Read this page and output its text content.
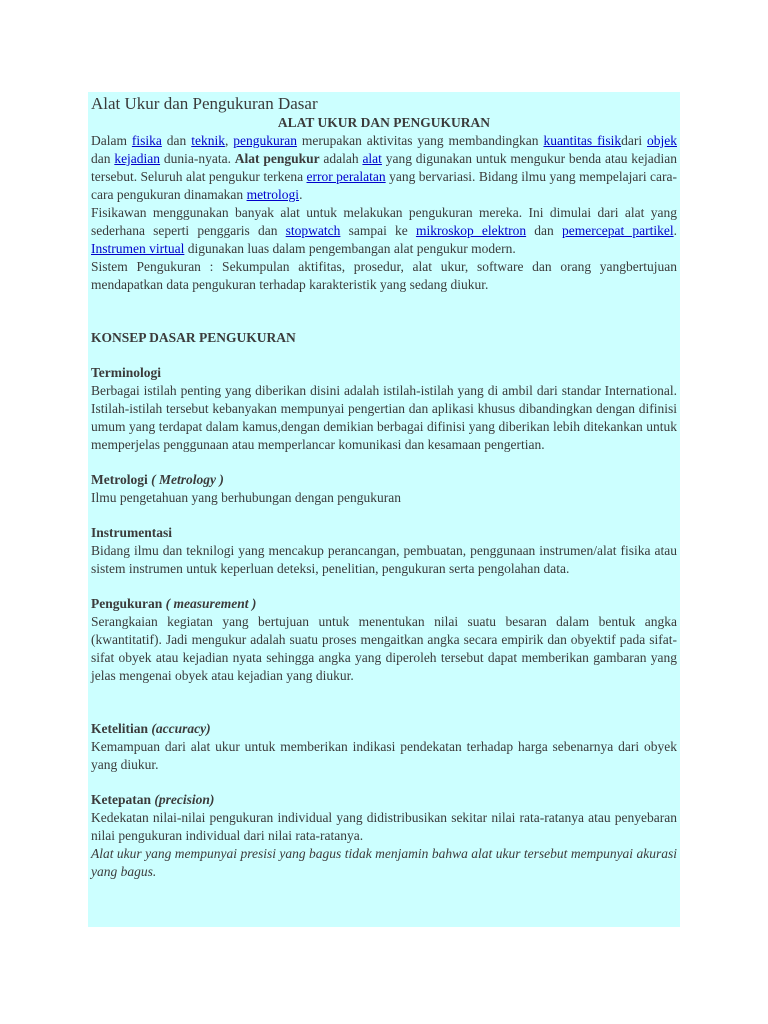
Alat Ukur dan Pengukuran Dasar
ALAT UKUR DAN PENGUKURAN

Dalam fisika dan teknik, pengukuran merupakan aktivitas yang membandingkan kuantitas fisikdari objek dan kejadian dunia-nyata. Alat pengukur adalah alat yang digunakan untuk mengukur benda atau kejadian tersebut. Seluruh alat pengukur terkena error peralatan yang bervariasi. Bidang ilmu yang mempelajari cara-cara pengukuran dinamakan metrologi.

Fisikawan menggunakan banyak alat untuk melakukan pengukuran mereka. Ini dimulai dari alat yang sederhana seperti penggaris dan stopwatch sampai ke mikroskop elektron dan pemercepat partikel. Instrumen virtual digunakan luas dalam pengembangan alat pengukur modern.

Sistem Pengukuran : Sekumpulan aktifitas, prosedur, alat ukur, software dan orang yangbertujuan mendapatkan data pengukuran terhadap karakteristik yang sedang diukur.

KONSEP DASAR PENGUKURAN

Terminologi

Berbagai istilah penting yang diberikan disini adalah istilah-istilah yang di ambil dari standar International. Istilah-istilah tersebut kebanyakan mempunyai pengertian dan aplikasi khusus dibandingkan dengan difinisi umum yang terdapat dalam kamus,dengan demikian berbagai difinisi yang diberikan lebih ditekankan untuk memperjelas penggunaan atau memperlancar komunikasi dan kesamaan pengertian.

Metrologi ( Metrology )

Ilmu pengetahuan yang berhubungan dengan pengukuran

Instrumentasi

Bidang ilmu dan teknilogi yang mencakup perancangan, pembuatan, penggunaan instrumen/alat fisika atau sistem instrumen untuk keperluan deteksi, penelitian, pengukuran serta pengolahan data.

Pengukuran ( measurement )

Serangkaian kegiatan yang bertujuan untuk menentukan nilai suatu besaran dalam bentuk angka (kwantitatif). Jadi mengukur adalah suatu proses mengaitkan angka secara empirik dan obyektif pada sifat-sifat obyek atau kejadian nyata sehingga angka yang diperoleh tersebut dapat memberikan gambaran yang jelas mengenai obyek atau kejadian yang diukur.

Ketelitian (accuracy)

Kemampuan dari alat ukur untuk memberikan indikasi pendekatan terhadap harga sebenarnya dari obyek yang diukur.

Ketepatan (precision)

Kedekatan nilai-nilai pengukuran individual yang didistribusikan sekitar nilai rata-ratanya atau penyebaran nilai pengukuran individual dari nilai rata-ratanya.

Alat ukur yang mempunyai presisi yang bagus tidak menjamin bahwa alat ukur tersebut mempunyai akurasi yang bagus.
